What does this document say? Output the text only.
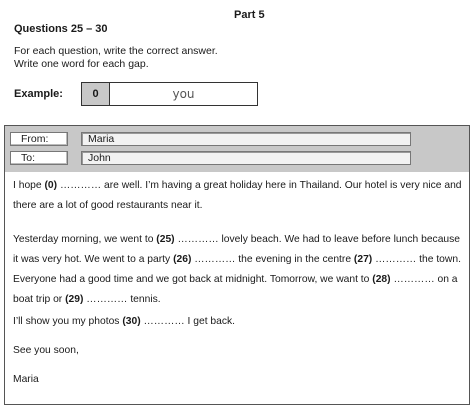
Part 5
Questions 25 – 30
For each question, write the correct answer.
Write one word for each gap.
Example:	0	you
From:	Maria
To:	John
I hope (0) ………… are well. I’m having a great holiday here in Thailand. Our hotel is very nice and there are a lot of good restaurants near it.
Yesterday morning, we went to (25) ………… lovely beach. We had to leave before lunch because it was very hot. We went to a party (26) ………… the evening in the centre (27) ………… the town. Everyone had a good time and we got back at midnight. Tomorrow, we want to (28) ………… on a boat trip or (29) ………… tennis.
I’ll show you my photos (30) ………… I get back.
See you soon,
Maria
